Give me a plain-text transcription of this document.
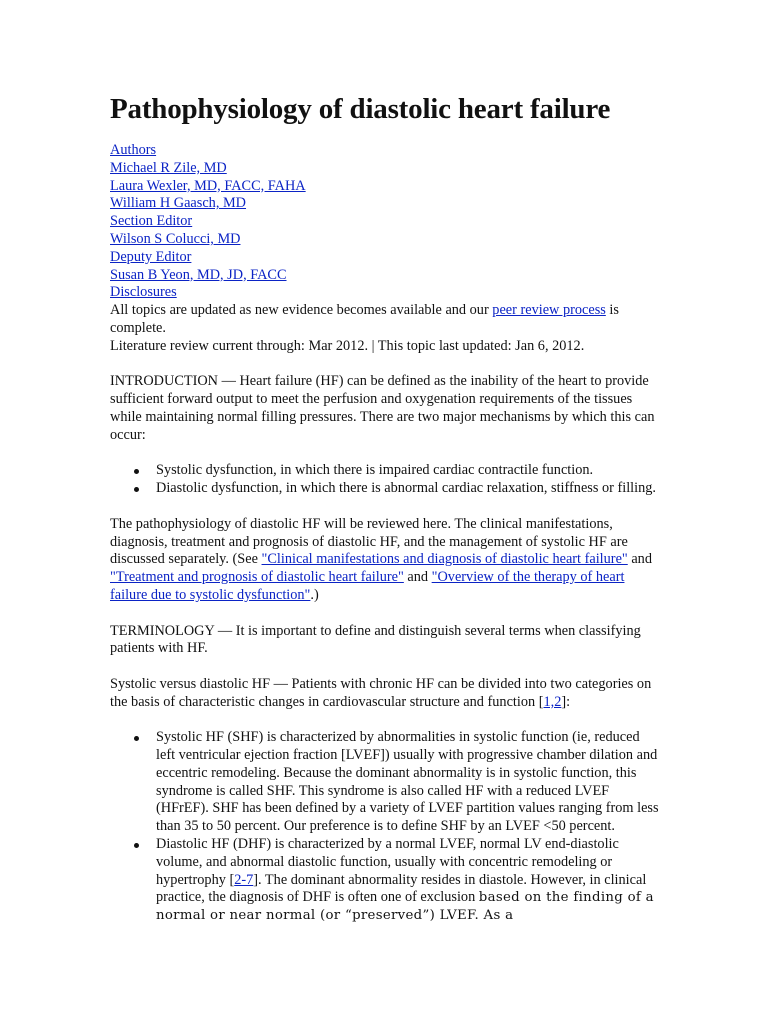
Pathophysiology of diastolic heart failure
Authors
Michael R Zile, MD
Laura Wexler, MD, FACC, FAHA
William H Gaasch, MD
Section Editor
Wilson S Colucci, MD
Deputy Editor
Susan B Yeon, MD, JD, FACC
Disclosures

All topics are updated as new evidence becomes available and our peer review process is complete.

Literature review current through: Mar 2012. | This topic last updated: Jan 6, 2012.

INTRODUCTION — Heart failure (HF) can be defined as the inability of the heart to provide sufficient forward output to meet the perfusion and oxygenation requirements of the tissues while maintaining normal filling pressures. There are two major mechanisms by which this can occur:

Systolic dysfunction, in which there is impaired cardiac contractile function.
Diastolic dysfunction, in which there is abnormal cardiac relaxation, stiffness or filling.

The pathophysiology of diastolic HF will be reviewed here. The clinical manifestations, diagnosis, treatment and prognosis of diastolic HF, and the management of systolic HF are discussed separately. (See "Clinical manifestations and diagnosis of diastolic heart failure" and "Treatment and prognosis of diastolic heart failure" and "Overview of the therapy of heart failure due to systolic dysfunction".)

TERMINOLOGY — It is important to define and distinguish several terms when classifying patients with HF.

Systolic versus diastolic HF — Patients with chronic HF can be divided into two categories on the basis of characteristic changes in cardiovascular structure and function [1,2]:

Systolic HF (SHF) is characterized by abnormalities in systolic function (ie, reduced left ventricular ejection fraction [LVEF]) usually with progressive chamber dilation and eccentric remodeling. Because the dominant abnormality is in systolic function, this syndrome is called SHF. This syndrome is also called HF with a reduced LVEF (HFrEF). SHF has been defined by a variety of LVEF partition values ranging from less than 35 to 50 percent. Our preference is to define SHF by an LVEF <50 percent.
Diastolic HF (DHF) is characterized by a normal LVEF, normal LV end-diastolic volume, and abnormal diastolic function, usually with concentric remodeling or hypertrophy [2-7]. The dominant abnormality resides in diastole. However, in clinical practice, the diagnosis of DHF is often one of exclusion based on the finding of a normal or near normal (or “preserved”) LVEF. As a
